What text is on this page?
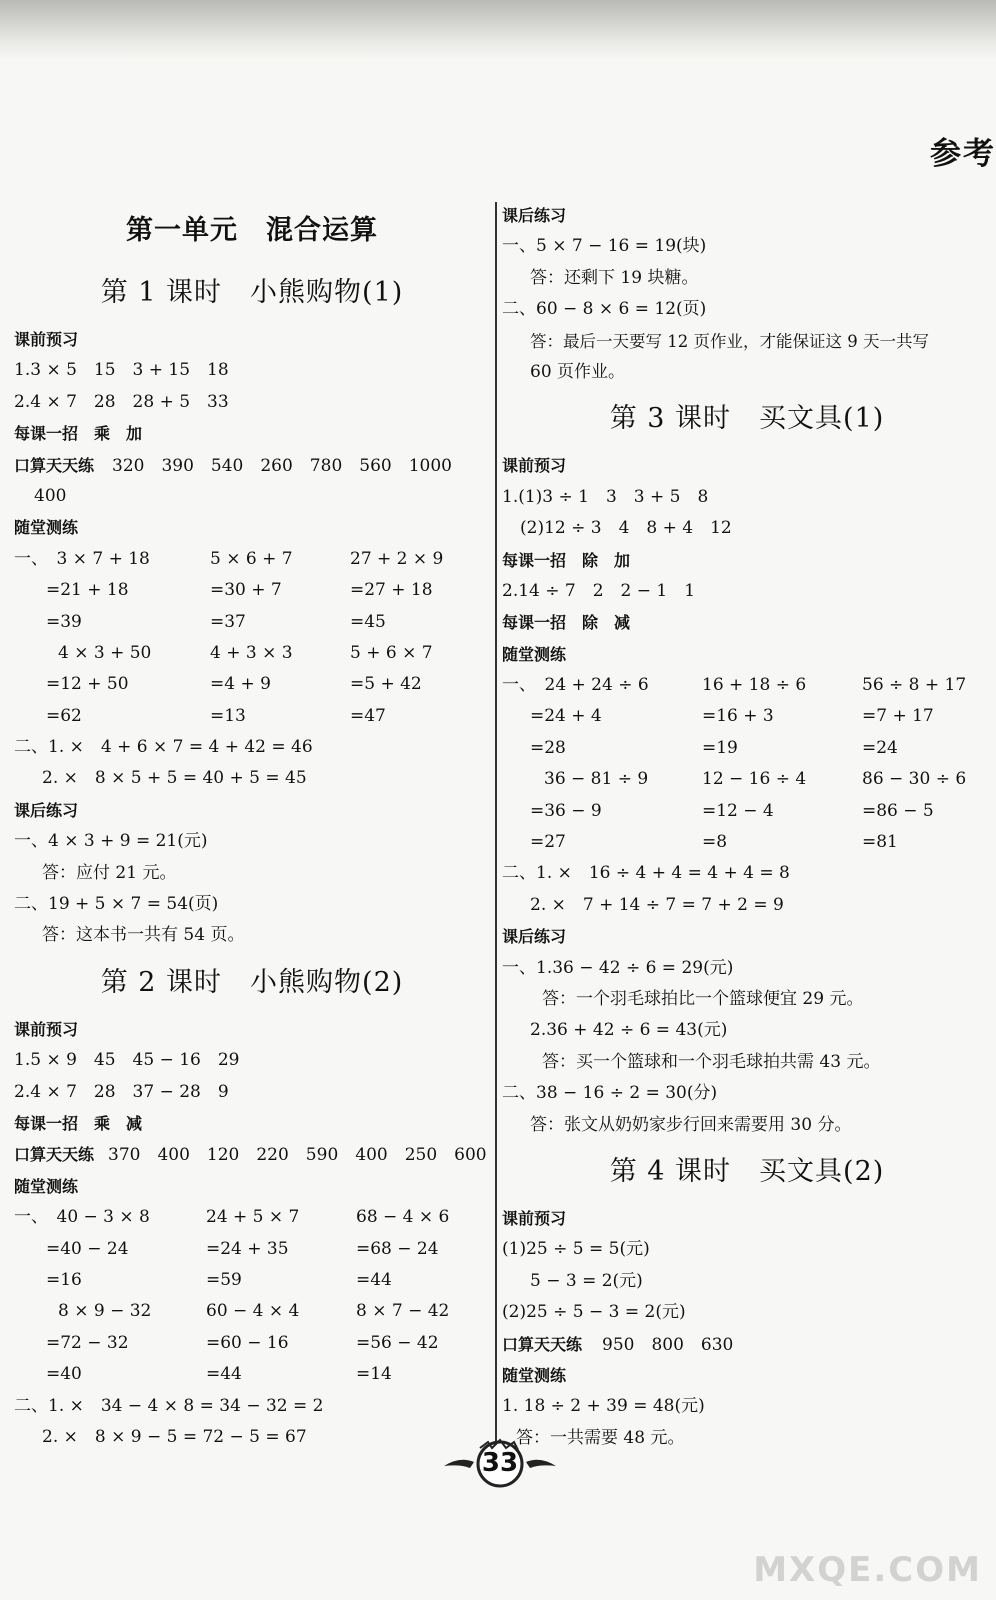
参考
第一单元　混合运算
第 1 课时　小熊购物(1)
课前预习
1.3 × 5　15　3 + 15　18
2.4 × 7　28　28 + 5　33
每课一招　乘　加
口算天天练 320　390　540　260　780　560　1000
400
随堂测练
一、　3 × 7 + 18	5 × 6 + 7	27 + 2 × 9
=21 + 18	=30 + 7	=27 + 18
=39	=37	=45
4 × 3 + 50	4 + 3 × 3	5 + 6 × 7
=12 + 50	=4 + 9	=5 + 42
=62	=13	=47
二、1. ×　4 + 6 × 7 = 4 + 42 = 46
2. ×　8 × 5 + 5 = 40 + 5 = 45
课后练习
一、4 × 3 + 9 = 21(元)
答：应付 21 元。
二、19 + 5 × 7 = 54(页)
答：这本书一共有 54 页。
第 2 课时　小熊购物(2)
课前预习
1.5 × 9　45　45 − 16　29
2.4 × 7　28　37 − 28　9
每课一招　乘　减
口算天天练 370　400　120　220　590　400　250　600
随堂测练
一、　40 − 3 × 8	24 + 5 × 7	68 − 4 × 6
=40 − 24	=24 + 35	=68 − 24
=16	=59	=44
8 × 9 − 32	60 − 4 × 4	8 × 7 − 42
=72 − 32	=60 − 16	=56 − 42
=40	=44	=14
二、1. ×　34 − 4 × 8 = 34 − 32 = 2
2. ×　8 × 9 − 5 = 72 − 5 = 67
课后练习
一、5 × 7 − 16 = 19(块)
答：还剩下 19 块糖。
二、60 − 8 × 6 = 12(页)
答：最后一天要写 12 页作业，才能保证这 9 天一共写
60 页作业。
第 3 课时　买文具(1)
课前预习
1.(1)3 ÷ 1　3　3 + 5　8
(2)12 ÷ 3　4　8 + 4　12
每课一招　除　加
2.14 ÷ 7　2　2 − 1　1
每课一招　除　减
随堂测练
一、　24 + 24 ÷ 6	16 + 18 ÷ 6	56 ÷ 8 + 17
=24 + 4	=16 + 3	=7 + 17
=28	=19	=24
36 − 81 ÷ 9	12 − 16 ÷ 4	86 − 30 ÷ 6
=36 − 9	=12 − 4	=86 − 5
=27	=8	=81
二、1. ×　16 ÷ 4 + 4 = 4 + 4 = 8
2. ×　7 + 14 ÷ 7 = 7 + 2 = 9
课后练习
一、1.36 − 42 ÷ 6 = 29(元)
答：一个羽毛球拍比一个篮球便宜 29 元。
2.36 + 42 ÷ 6 = 43(元)
答：买一个篮球和一个羽毛球拍共需 43 元。
二、38 − 16 ÷ 2 = 30(分)
答：张文从奶奶家步行回来需要用 30 分。
第 4 课时　买文具(2)
课前预习
(1)25 ÷ 5 = 5(元)
5 − 3 = 2(元)
(2)25 ÷ 5 − 3 = 2(元)
口算天天练 950　800　630
随堂测练
1. 18 ÷ 2 + 39 = 48(元)
答：一共需要 48 元。
33
MXQE.COM
